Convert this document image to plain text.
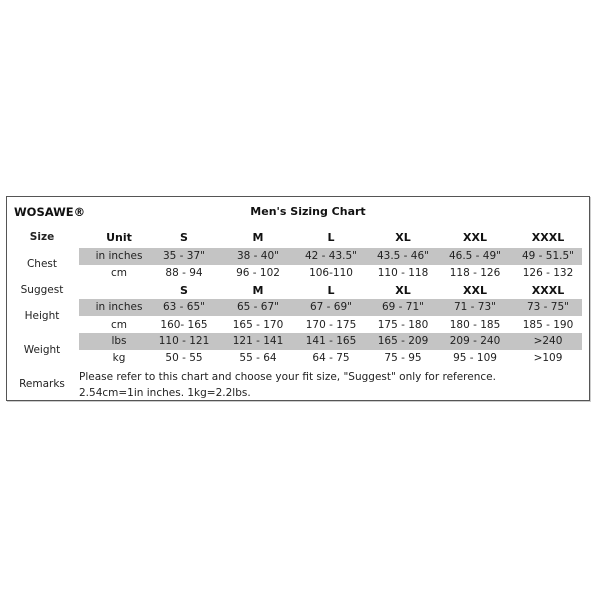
WOSAWE®	Men's Sizing Chart
Size	Unit	S	M	L	XL	XXL	XXXL
Chest
in inches	35 - 37"	38 - 40"	42 - 43.5"	43.5 - 46"	46.5 - 49"	49 - 51.5"
cm	88 - 94	96 - 102	106-110	110 - 118	118 - 126	126 - 132
Suggest	S	M	L	XL	XXL	XXXL
Height
in inches	63 - 65"	65 - 67"	67 - 69"	69 - 71"	71 - 73"	73 - 75"
cm	160- 165	165 - 170	170 - 175	175 - 180	180 - 185	185 - 190
Weight
lbs	110 - 121	121 - 141	141 - 165	165 - 209	209 - 240	>240
kg	50 - 55	55 - 64	64 - 75	75 - 95	95 - 109	>109
Remarks
Please refer to this chart and choose your fit size, "Suggest" only for reference.
2.54cm=1in inches. 1kg=2.2lbs.
